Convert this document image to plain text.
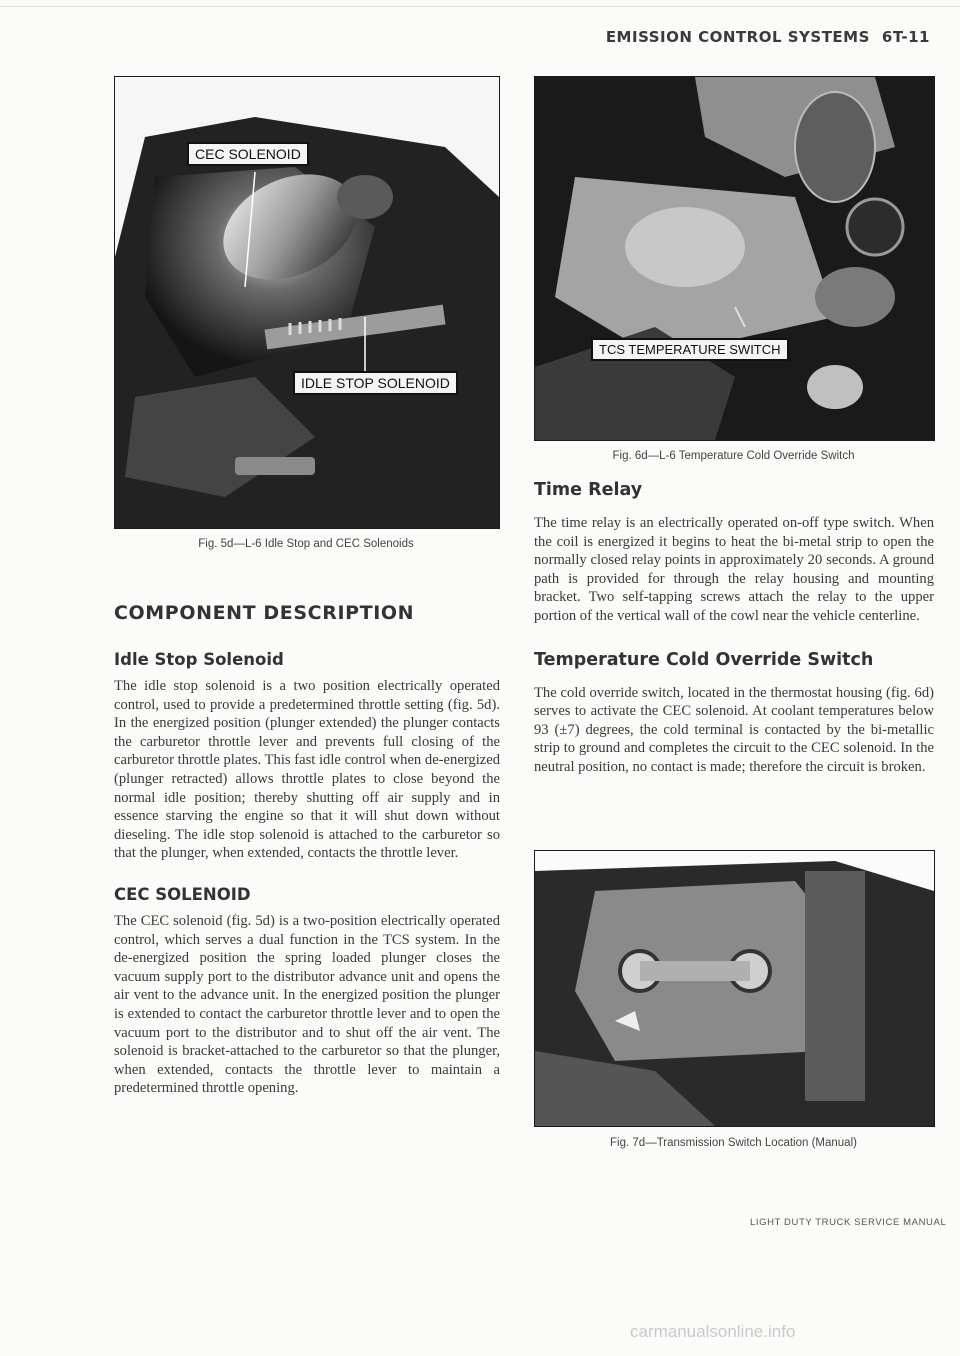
EMISSION CONTROL SYSTEMS 6T-11
CEC SOLENOID
IDLE STOP SOLENOID
Fig. 5d—L-6 Idle Stop and CEC Solenoids
TCS TEMPERATURE SWITCH
Fig. 6d—L-6 Temperature Cold Override Switch
COMPONENT DESCRIPTION
Idle Stop Solenoid

The idle stop solenoid is a two position electrically operated control, used to provide a predetermined throttle setting (fig. 5d). In the energized position (plunger extended) the plunger contacts the carburetor throttle lever and prevents full closing of the carburetor throttle plates. This fast idle control when de-energized (plunger retracted) allows throttle plates to close beyond the normal idle position; thereby shutting off air supply and in essence starving the engine so that it will shut down without dieseling. The idle stop solenoid is attached to the carburetor so that the plunger, when extended, contacts the throttle lever.

CEC SOLENOID

The CEC solenoid (fig. 5d) is a two-position electrically operated control, which serves a dual function in the TCS system. In the de-energized position the spring loaded plunger closes the vacuum supply port to the distributor advance unit and opens the air vent to the advance unit. In the energized position the plunger is extended to contact the carburetor throttle lever and to open the vacuum port to the distributor and to shut off the air vent. The solenoid is bracket-attached to the carburetor so that the plunger, when extended, contacts the throttle lever to maintain a predetermined throttle opening.

Time Relay

The time relay is an electrically operated on-off type switch. When the coil is energized it begins to heat the bi-metal strip to open the normally closed relay points in approximately 20 seconds. A ground path is provided for through the relay housing and mounting bracket. Two self-tapping screws attach the relay to the upper portion of the vertical wall of the cowl near the vehicle centerline.

Temperature Cold Override Switch

The cold override switch, located in the thermostat housing (fig. 6d) serves to activate the CEC solenoid. At coolant temperatures below 93 (±7) degrees, the cold terminal is contacted by the bi-metallic strip to ground and completes the circuit to the CEC solenoid. In the neutral position, no contact is made; therefore the circuit is broken.

Fig. 7d—Transmission Switch Location (Manual)
LIGHT DUTY TRUCK SERVICE MANUAL
carmanualsonline.info
